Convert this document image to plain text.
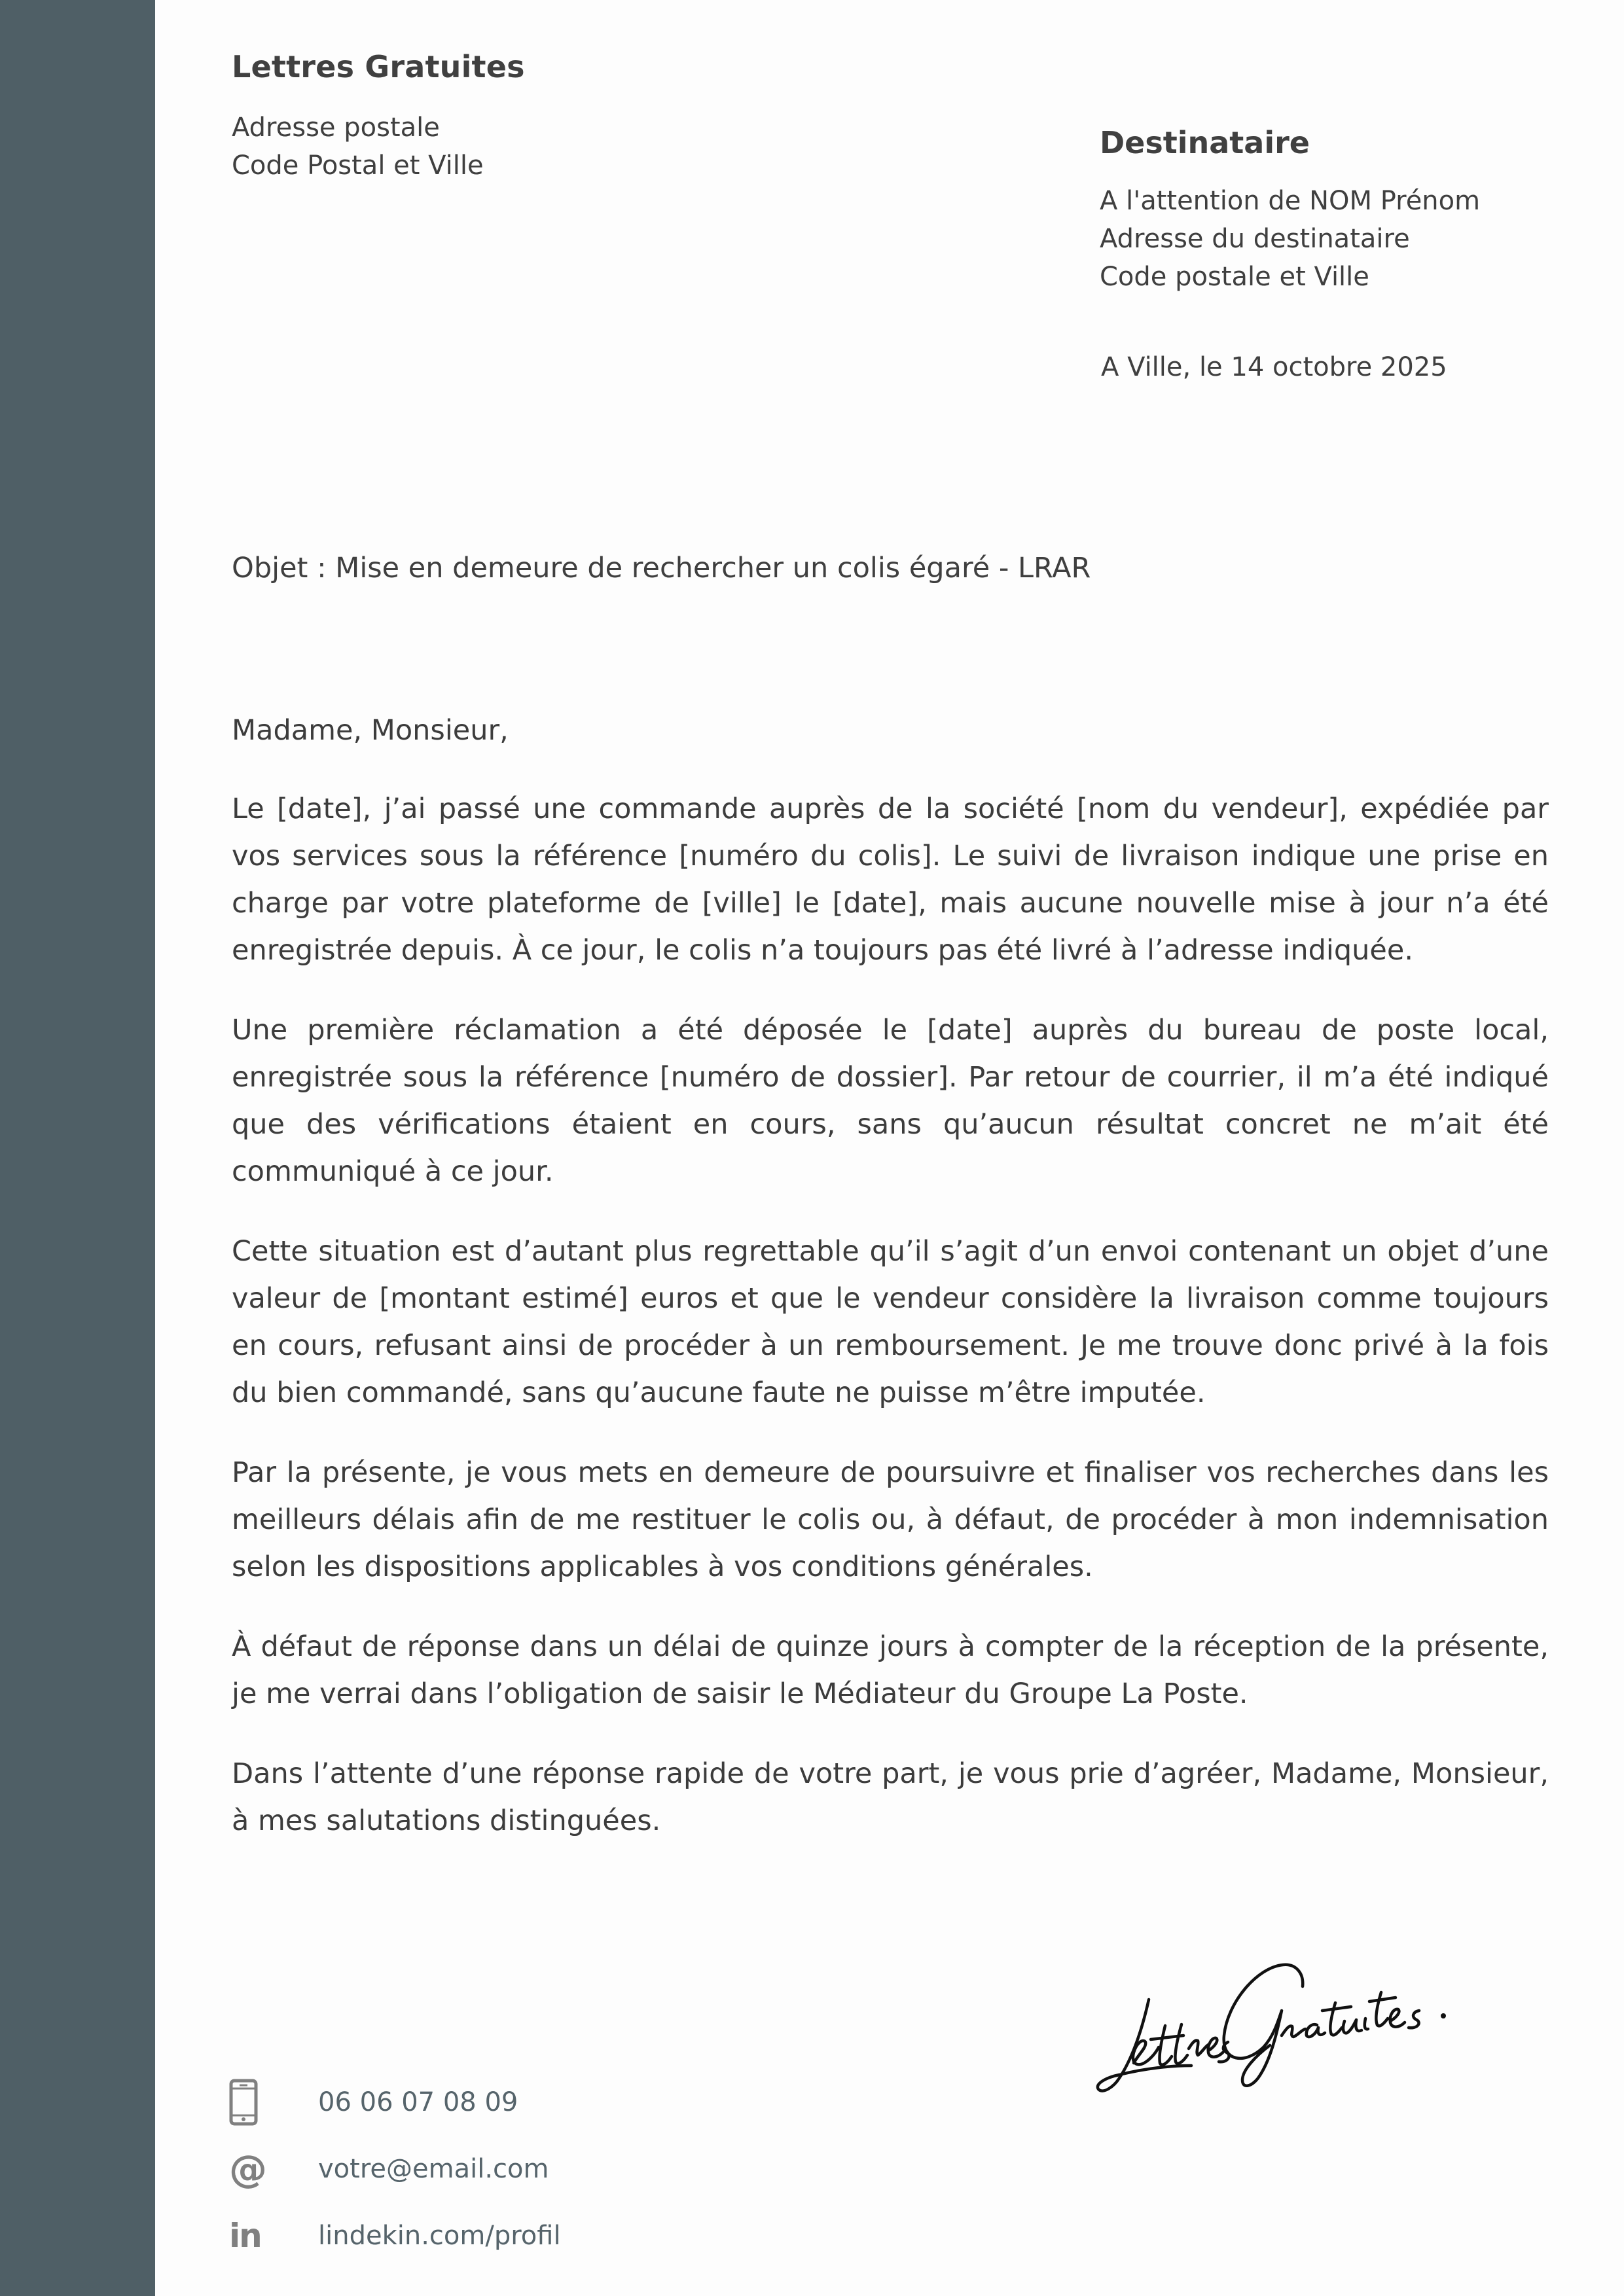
Lettres Gratuites
Adresse postale
Code Postal et Ville
Destinataire
A l'attention de NOM Prénom
Adresse du destinataire
Code postale et Ville
A Ville, le 14 octobre 2025
Objet : Mise en demeure de rechercher un colis égaré - LRAR

Madame, Monsieur,

Le [date], j’ai passé une commande auprès de la société [nom du vendeur], expédiée par vos services sous la référence [numéro du colis]. Le suivi de livraison indique une prise en charge par votre plateforme de [ville] le [date], mais aucune nouvelle mise à jour n’a été enregistrée depuis. À ce jour, le colis n’a toujours pas été livré à l’adresse indiquée.

Une première réclamation a été déposée le [date] auprès du bureau de poste local, enregistrée sous la référence [numéro de dossier]. Par retour de courrier, il m’a été indiqué que des vérifications étaient en cours, sans qu’aucun résultat concret ne m’ait été communiqué à ce jour.

Cette situation est d’autant plus regrettable qu’il s’agit d’un envoi contenant un objet d’une valeur de [montant estimé] euros et que le vendeur considère la livraison comme toujours en cours, refusant ainsi de procéder à un remboursement. Je me trouve donc privé à la fois du bien commandé, sans qu’aucune faute ne puisse m’être imputée.

Par la présente, je vous mets en demeure de poursuivre et finaliser vos recherches dans les meilleurs délais afin de me restituer le colis ou, à défaut, de procéder à mon indemnisation selon les dispositions applicables à vos conditions générales.

À défaut de réponse dans un délai de quinze jours à compter de la réception de la présente, je me verrai dans l’obligation de saisir le Médiateur du Groupe La Poste.

Dans l’attente d’une réponse rapide de votre part, je vous prie d’agréer, Madame, Monsieur, à mes salutations distinguées.

06 06 07 08 09
@ votre@email.com
in lindekin.com/profil
